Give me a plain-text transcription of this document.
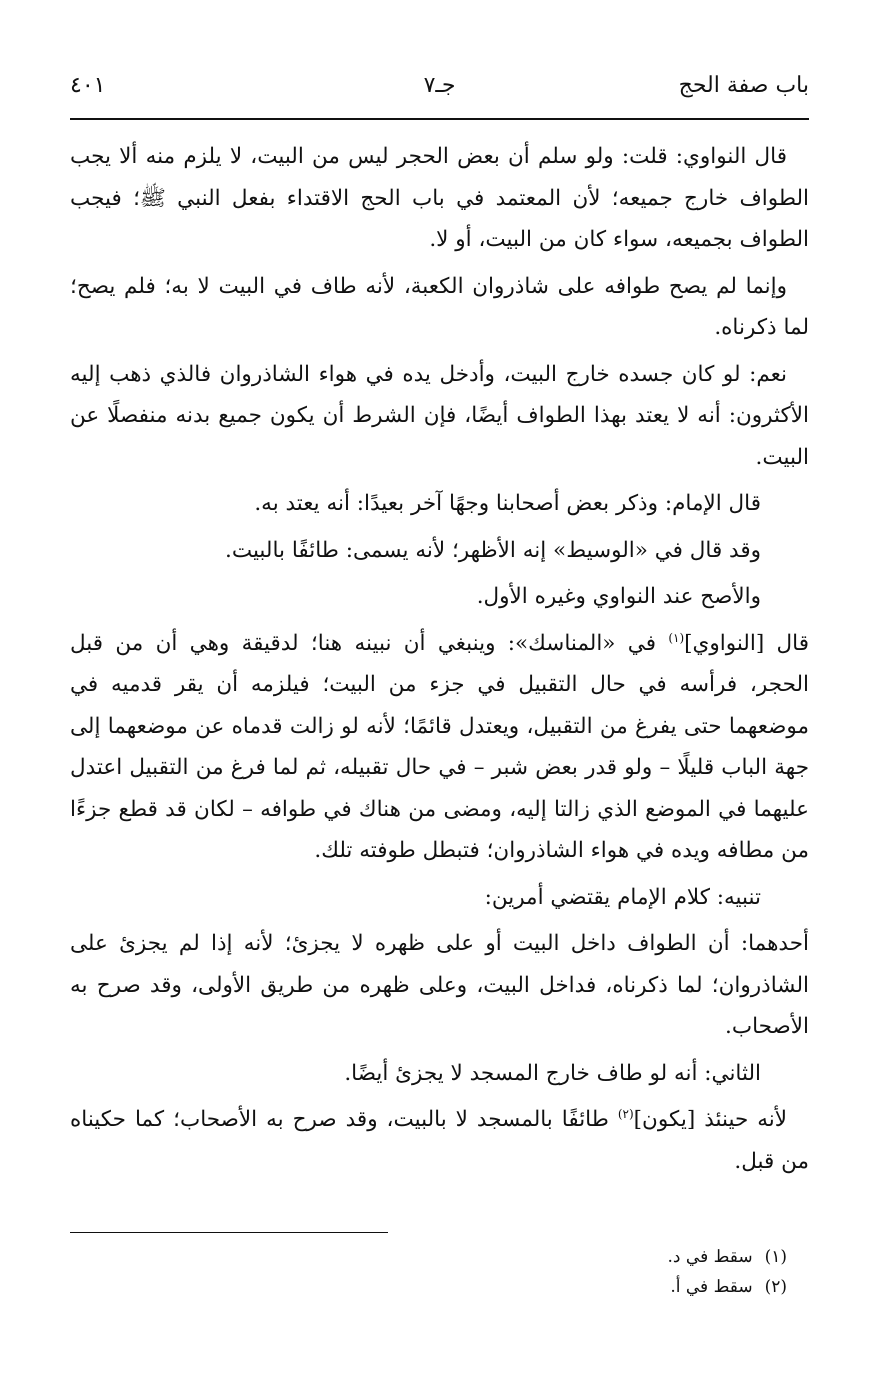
باب صفة الحج
جـ٧
٤٠١

قال النواوي: قلت: ولو سلم أن بعض الحجر ليس من البيت، لا يلزم منه ألا يجب الطواف خارج جميعه؛ لأن المعتمد في باب الحج الاقتداء بفعل النبي ﷺ؛ فيجب الطواف بجميعه، سواء كان من البيت، أو لا.

وإنما لم يصح طوافه على شاذروان الكعبة، لأنه طاف في البيت لا به؛ فلم يصح؛ لما ذكرناه.

نعم: لو كان جسده خارج البيت، وأدخل يده في هواء الشاذروان فالذي ذهب إليه الأكثرون: أنه لا يعتد بهذا الطواف أيضًا، فإن الشرط أن يكون جميع بدنه منفصلًا عن البيت.

قال الإمام: وذكر بعض أصحابنا وجهًا آخر بعيدًا: أنه يعتد به.

وقد قال في «الوسيط» إنه الأظهر؛ لأنه يسمى: طائفًا بالبيت.

والأصح عند النواوي وغيره الأول.

قال [النواوي]$^{(١)}$ في «المناسك»: وينبغي أن نبينه هنا؛ لدقيقة وهي أن من قبل الحجر، فرأسه في حال التقبيل في جزء من البيت؛ فيلزمه أن يقر قدميه في موضعهما حتى يفرغ من التقبيل، ويعتدل قائمًا؛ لأنه لو زالت قدماه عن موضعهما إلى جهة الباب قليلًا – ولو قدر بعض شبر – في حال تقبيله، ثم لما فرغ من التقبيل اعتدل عليهما في الموضع الذي زالتا إليه، ومضى من هناك في طوافه – لكان قد قطع جزءًا من مطافه ويده في هواء الشاذروان؛ فتبطل طوفته تلك.

تنبيه: كلام الإمام يقتضي أمرين:

أحدهما: أن الطواف داخل البيت أو على ظهره لا يجزئ؛ لأنه إذا لم يجزئ على الشاذروان؛ لما ذكرناه، فداخل البيت، وعلى ظهره من طريق الأولى، وقد صرح به الأصحاب.

الثاني: أنه لو طاف خارج المسجد لا يجزئ أيضًا.

لأنه حينئذ [يكون]$^{(٢)}$ طائفًا بالمسجد لا بالبيت، وقد صرح به الأصحاب؛ كما حكيناه من قبل.

(١)سقط في د.
(٢)سقط في أ.
